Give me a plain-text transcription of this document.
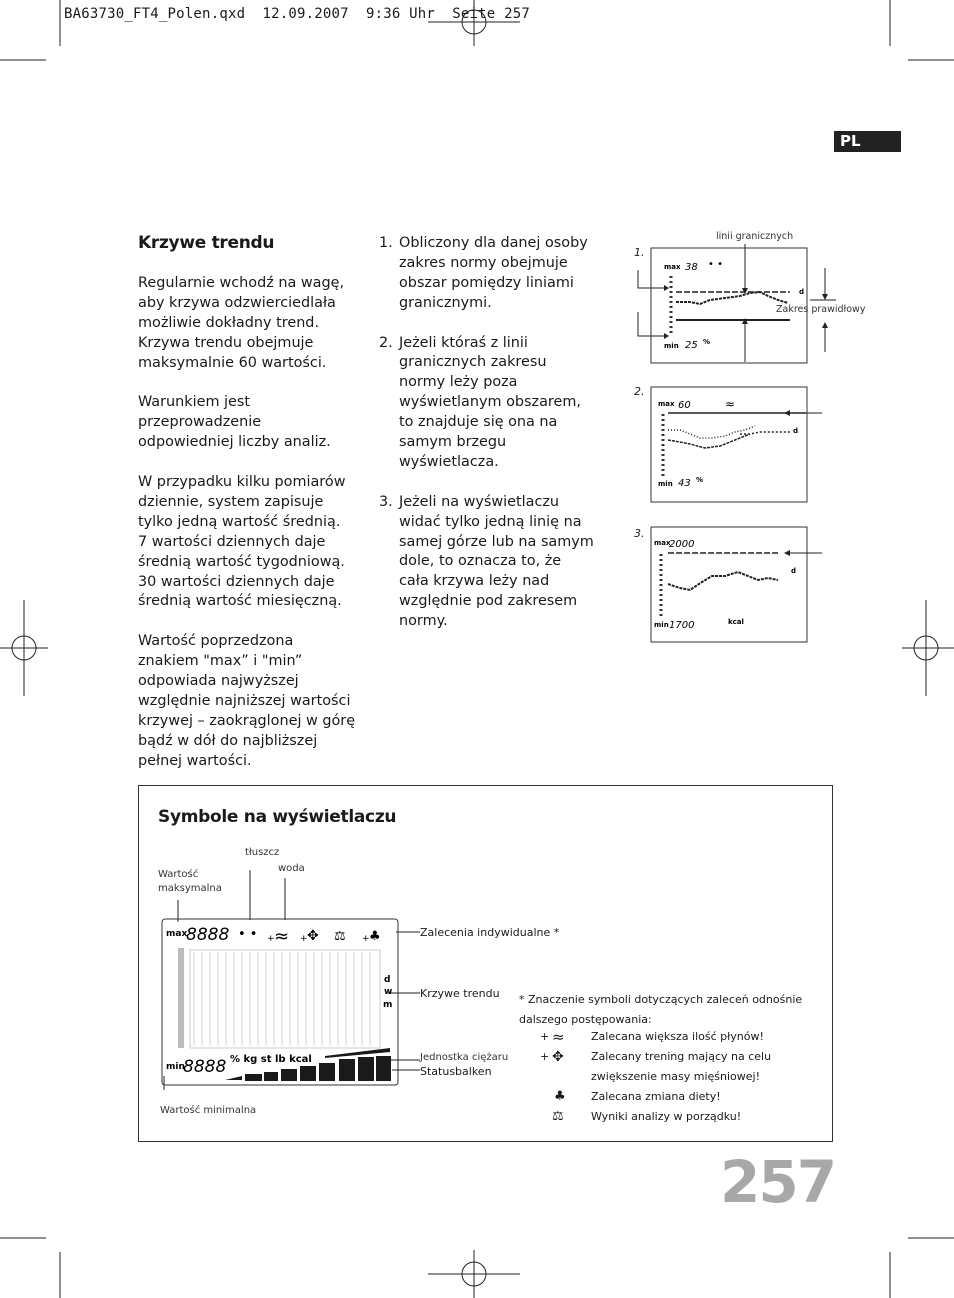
BA63730_FT4_Polen.qxd  12.09.2007  9:36 Uhr  Seite 257
PL
Krzywe trendu

Regularnie wchodź na wagę, aby krzywa odzwierciedlała możliwie dokładny trend. Krzywa trendu obejmuje maksymalnie 60 wartości.

Warunkiem jest przeprowadzenie odpowiedniej liczby analiz.

W przypadku kilku pomiarów dziennie, system zapisuje tylko jedną wartość średnią.
7 wartości dziennych daje średnią wartość tygodniową.

30 wartości dziennych daje średnią wartość miesięczną.

Wartość poprzedzona znakiem "max” i "min” odpowiada najwyższej względnie najniższej wartości krzywej – zaokrąglonej w górę bądź w dół do najbliższej pełnej wartości.

1. Obliczony dla danej osoby zakres normy obejmuje obszar pomiędzy liniami granicznymi.
2. Jeżeli któraś z linii granicznych zakresu normy leży poza wyświetlanym obszarem, to znajduje się ona na samym brzegu wyświetlacza.
3. Jeżeli na wyświetlaczu widać tylko jedną linię na samej górze lub na samym dole, to oznacza to, że cała krzywa leży nad względnie pod zakresem normy.
1.
linii granicznych
Zakres prawidłowy
max 38 • •
min 25 %
d
2.
max 60	≈
min 43 %
d
3.
max
2000
min 1700	kcal
d
Symbole na wyświetlaczu
tłuszcz
woda
Wartość maksymalna
Wartość minimalna
Zalecenia indywidualne *
Krzywe trendu
Jednostka ciężaru
Statusbalken
max
8888 • • + ≈ + ✥ ⚖ + ♣
d
w
m
min
8888 % kg st lb kcal
* Znaczenie symboli dotyczących zaleceń odnośnie dalszego postępowania:
+ ≈ Zalecana większa ilość płynów!
+ ✥ Zalecany trening mający na celu zwiększenie masy mięśniowej!
♣ Zalecana zmiana diety!
⚖ Wyniki analizy w porządku!
257
